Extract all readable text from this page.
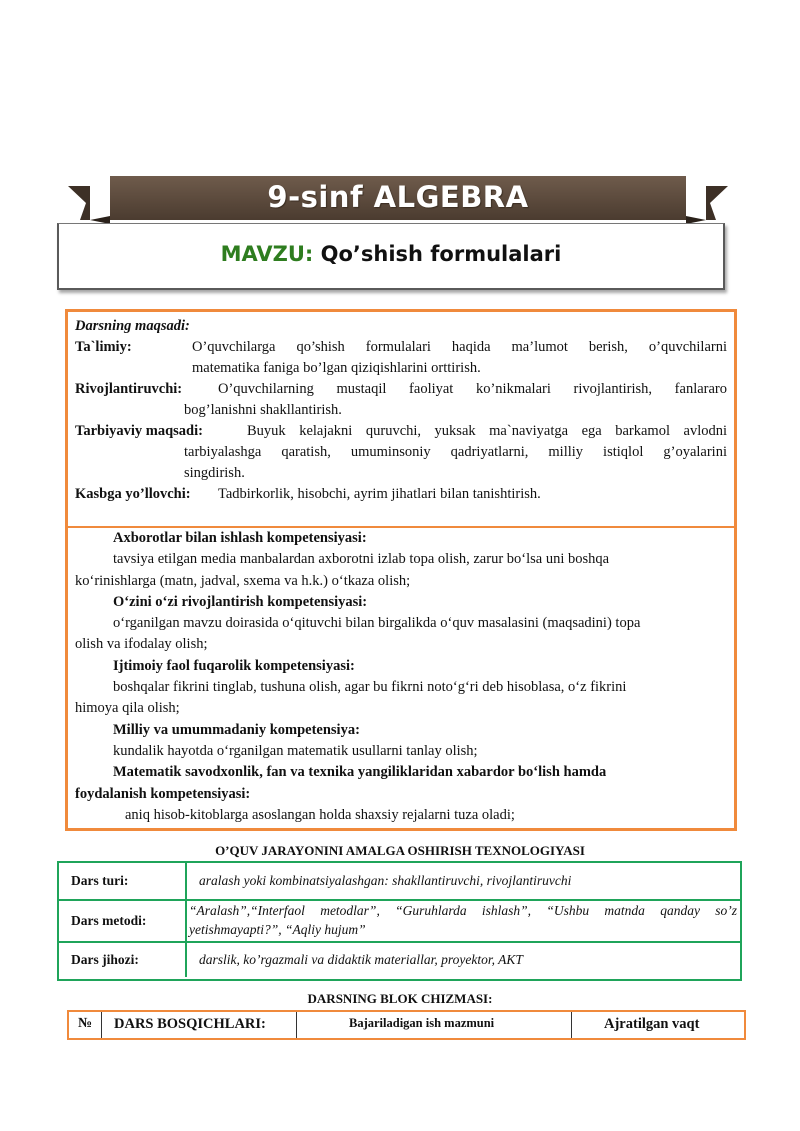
9-sinf ALGEBRA
MAVZU: Qo’shish formulalari
Darsning maqsadi:
Ta`limiy:	O’quvchilarga qo’shish formulalari haqida ma’lumot berish, o’quvchilarni
matematika faniga bo’lgan qiziqishlarini orttirish.
Rivojlantiruvchi: O’quvchilarning mustaqil faoliyat ko’nikmalari rivojlantirish, fanlararo
bog’lanishni shakllantirish.
Tarbiyaviy maqsadi:	Buyuk kelajakni quruvchi, yuksak ma`naviyatga ega barkamol avlodni
tarbiyalashga qaratish, umuminsoniy qadriyatlarni, milliy istiqlol g’oyalarini
singdirish.
Kasbga yo’llovchi: Tadbirkorlik, hisobchi, ayrim jihatlari bilan tanishtirish.
Axborotlar bilan ishlash kompetensiyasi:
tavsiya etilgan media manbalardan axborotni izlab topa olish, zarur bo‘lsa uni boshqa
ko‘rinishlarga (matn, jadval, sxema va h.k.) o‘tkaza olish;
O‘zini o‘zi rivojlantirish kompetensiyasi:
o‘rganilgan mavzu doirasida o‘qituvchi bilan birgalikda o‘quv masalasini (maqsadini) topa
olish va ifodalay olish;
Ijtimoiy faol fuqarolik kompetensiyasi:
boshqalar fikrini tinglab, tushuna olish, agar bu fikrni noto‘g‘ri deb hisoblasa, o‘z fikrini
himoya qila olish;
Milliy va umummadaniy kompetensiya:
kundalik hayotda o‘rganilgan matematik usullarni tanlay olish;
Matematik savodxonlik, fan va texnika yangiliklaridan xabardor bo‘lish hamda
foydalanish kompetensiyasi:
aniq hisob-kitoblarga asoslangan holda shaxsiy rejalarni tuza oladi;
O’QUV JARAYONINI AMALGA OSHIRISH TEXNOLOGIYASI
Dars turi:	aralash yoki kombinatsiyalashgan: shakllantiruvchi, rivojlantiruvchi
Dars metodi:
“Aralash”,“Interfaol metodlar”, “Guruhlarda ishlash”, “Ushbu matnda qanday so’z
yetishmayapti?”, “Aqliy hujum”
Dars jihozi:	darslik, ko’rgazmali va didaktik materiallar, proyektor, AKT
DARSNING BLOK CHIZMASI:
№ DARS BOSQICHLARI:	Bajariladigan ish mazmuni	Ajratilgan vaqt
